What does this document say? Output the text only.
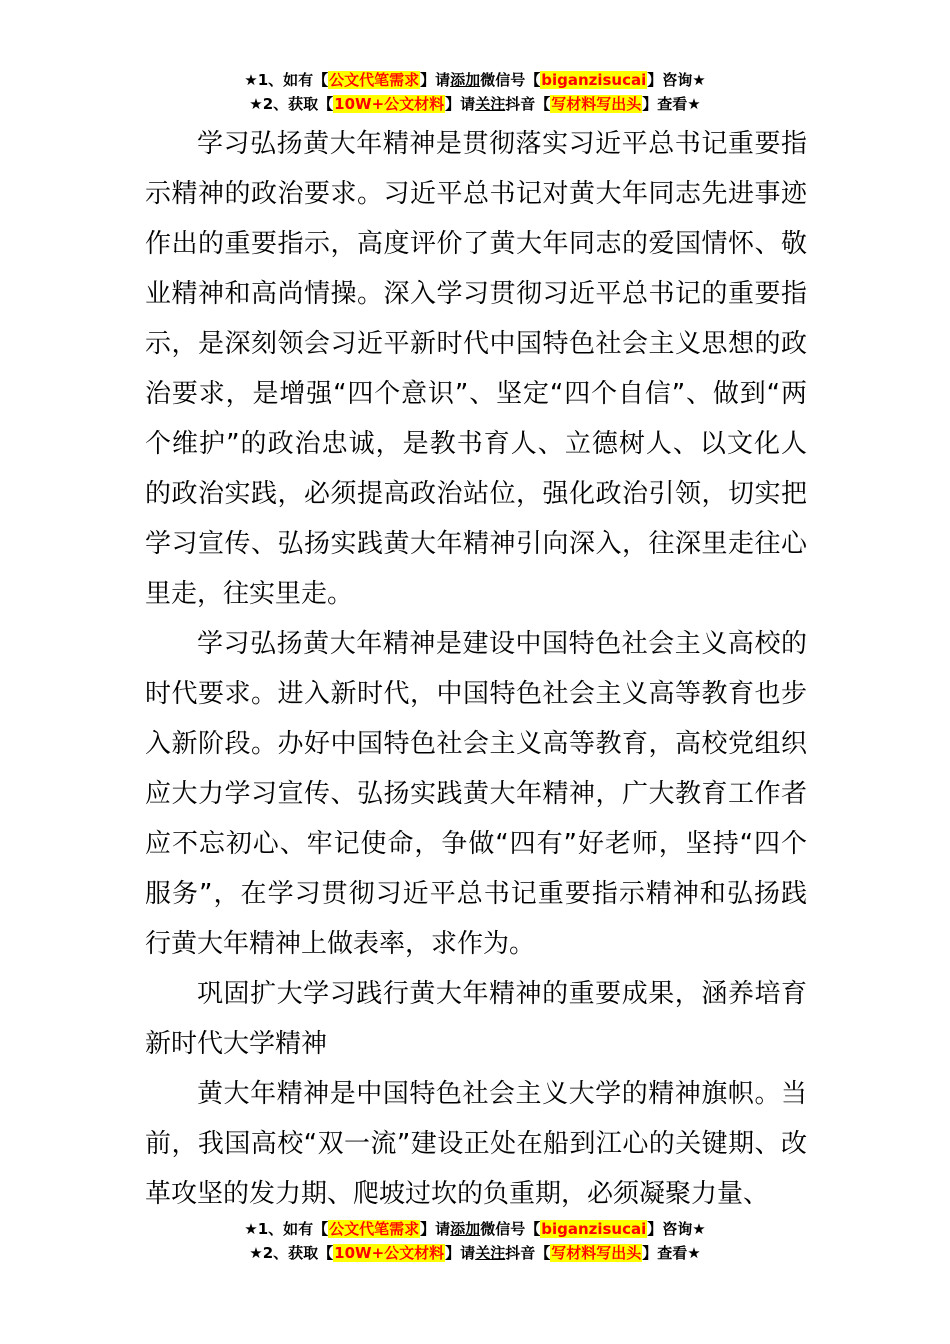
★1、如有【公文代笔需求】请添加微信号【biganzisucai】咨询★
★2、获取【10W+公文材料】请关注抖音【写材料写出头】查看★

学习弘扬黄大年精神是贯彻落实习近平总书记重要指示精神的政治要求。习近平总书记对黄大年同志先进事迹作出的重要指示，高度评价了黄大年同志的爱国情怀、敬业精神和高尚情操。深入学习贯彻习近平总书记的重要指示，是深刻领会习近平新时代中国特色社会主义思想的政治要求，是增强“四个意识”、坚定“四个自信”、做到“两个维护”的政治忠诚，是教书育人、立德树人、以文化人的政治实践，必须提高政治站位，强化政治引领，切实把学习宣传、弘扬实践黄大年精神引向深入，往深里走往心里走，往实里走。

学习弘扬黄大年精神是建设中国特色社会主义高校的时代要求。进入新时代，中国特色社会主义高等教育也步入新阶段。办好中国特色社会主义高等教育，高校党组织应大力学习宣传、弘扬实践黄大年精神，广大教育工作者应不忘初心、牢记使命，争做“四有”好老师，坚持“四个服务”，在学习贯彻习近平总书记重要指示精神和弘扬践行黄大年精神上做表率，求作为。

巩固扩大学习践行黄大年精神的重要成果，涵养培育新时代大学精神

黄大年精神是中国特色社会主义大学的精神旗帜。当前，我国高校“双一流”建设正处在船到江心的关键期、改革攻坚的发力期、爬坡过坎的负重期，必须凝聚力量、

★1、如有【公文代笔需求】请添加微信号【biganzisucai】咨询★
★2、获取【10W+公文材料】请关注抖音【写材料写出头】查看★
